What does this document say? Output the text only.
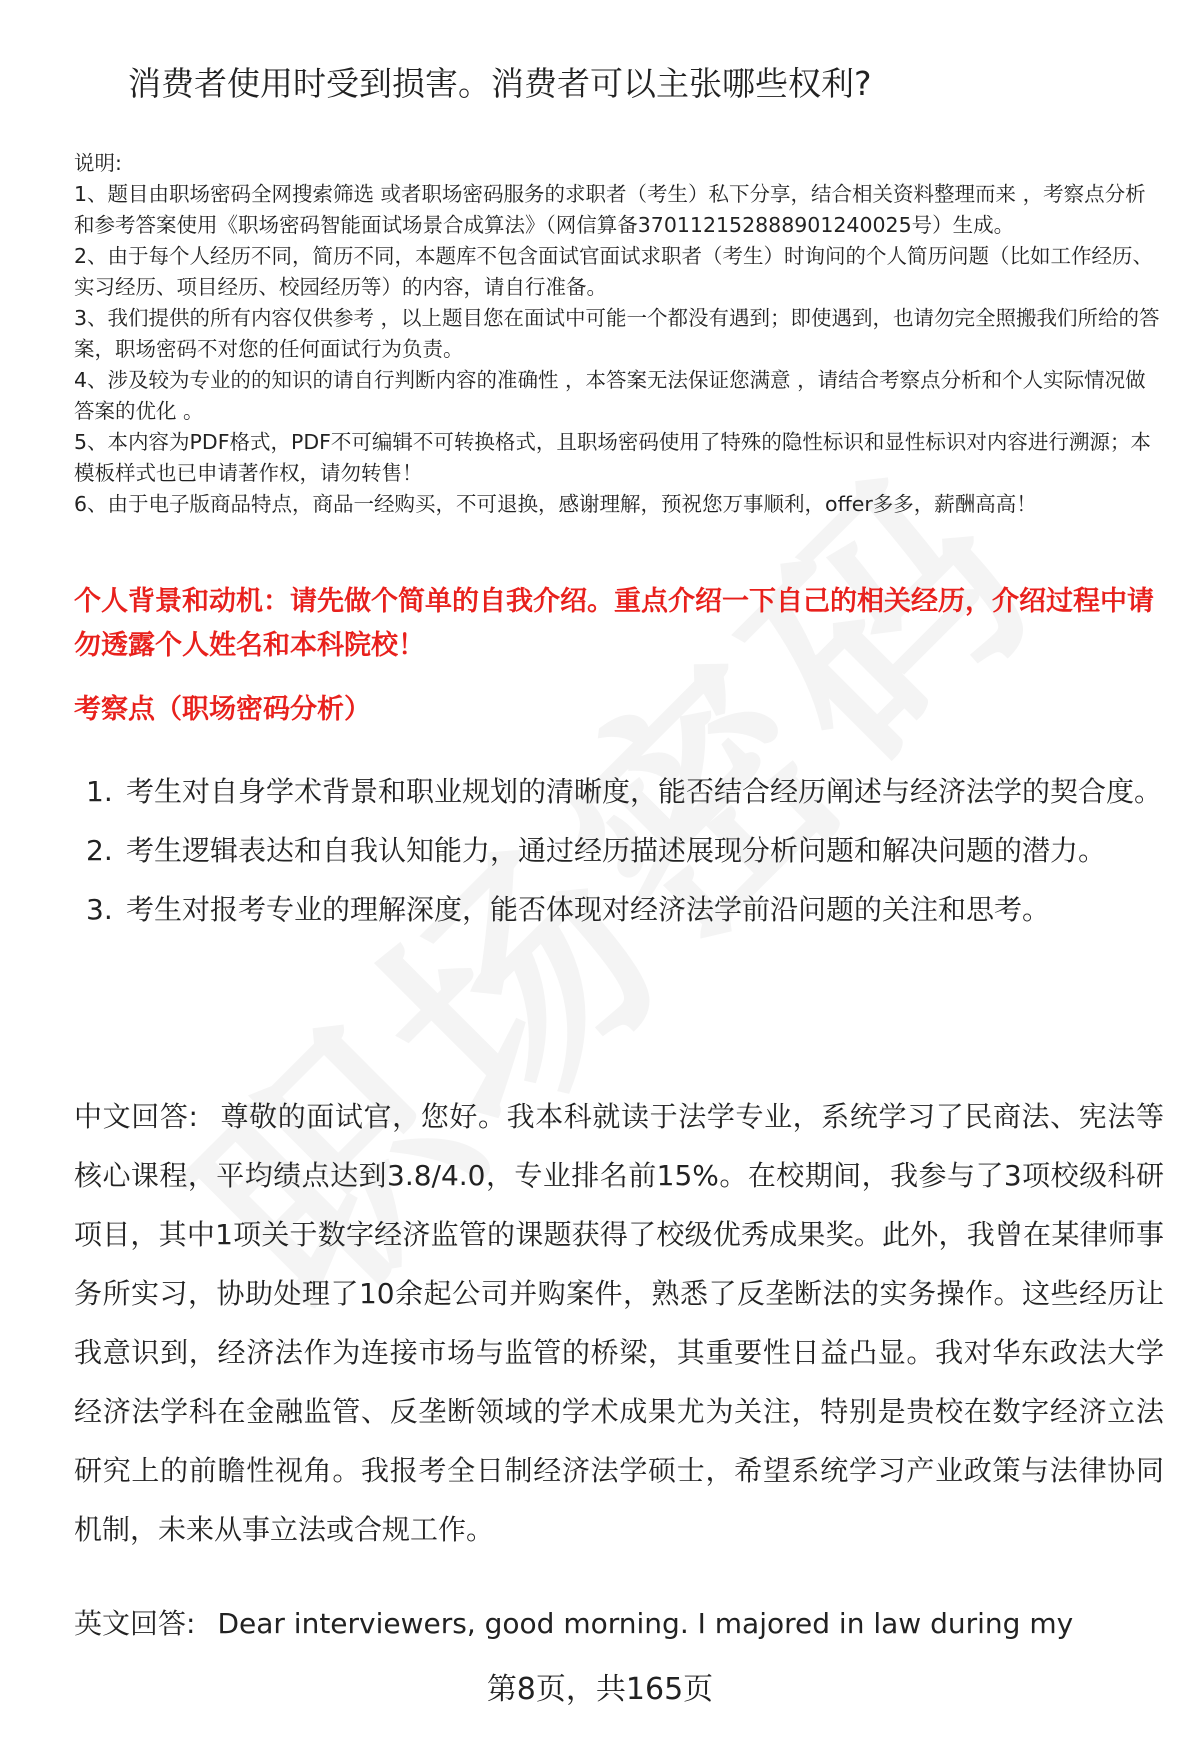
消费者使用时受到损害。消费者可以主张哪些权利?

说明:

1、题目由职场密码全网搜索筛选 或者职场密码服务的求职者（考生）私下分享，结合相关资料整理而来 ，考察点分析和参考答案使用《职场密码智能面试场景合成算法》（网信算备370112152888901240025号）生成。

2、由于每个人经历不同，简历不同，本题库不包含面试官面试求职者（考生）时询问的个人简历问题（比如工作经历、实习经历、项目经历、校园经历等）的内容，请自行准备。

3、我们提供的所有内容仅供参考 ，以上题目您在面试中可能一个都没有遇到；即使遇到，也请勿完全照搬我们所给的答案，职场密码不对您的任何面试行为负责。

4、涉及较为专业的的知识的请自行判断内容的准确性 ，本答案无法保证您满意 ，请结合考察点分析和个人实际情况做答案的优化 。

5、本内容为PDF格式，PDF不可编辑不可转换格式，且职场密码使用了特殊的隐性标识和显性标识对内容进行溯源；本模板样式也已申请著作权，请勿转售！

6、由于电子版商品特点，商品一经购买，不可退换，感谢理解，预祝您万事顺利，offer多多，薪酬高高！

个人背景和动机：请先做个简单的自我介绍。重点介绍一下自己的相关经历，介绍过程中请勿透露个人姓名和本科院校！
考察点（职场密码分析）
1. 考生对自身学术背景和职业规划的清晰度，能否结合经历阐述与经济法学的契合度。
2. 考生逻辑表达和自我认知能力，通过经历描述展现分析问题和解决问题的潜力。
3. 考生对报考专业的理解深度，能否体现对经济法学前沿问题的关注和思考。
中文回答: 尊敬的面试官，您好。我本科就读于法学专业，系统学习了民商法、宪法等核心课程，平均绩点达到3.8/4.0，专业排名前15%。在校期间，我参与了3项校级科研项目，其中1项关于数字经济监管的课题获得了校级优秀成果奖。此外，我曾在某律师事务所实习，协助处理了10余起公司并购案件，熟悉了反垄断法的实务操作。这些经历让我意识到，经济法作为连接市场与监管的桥梁，其重要性日益凸显。我对华东政法大学经济法学科在金融监管、反垄断领域的学术成果尤为关注，特别是贵校在数字经济立法研究上的前瞻性视角。我报考全日制经济法学硕士，希望系统学习产业政策与法律协同机制，未来从事立法或合规工作。
英文回答: Dear interviewers, good morning. I majored in law during my
第8页，共165页
